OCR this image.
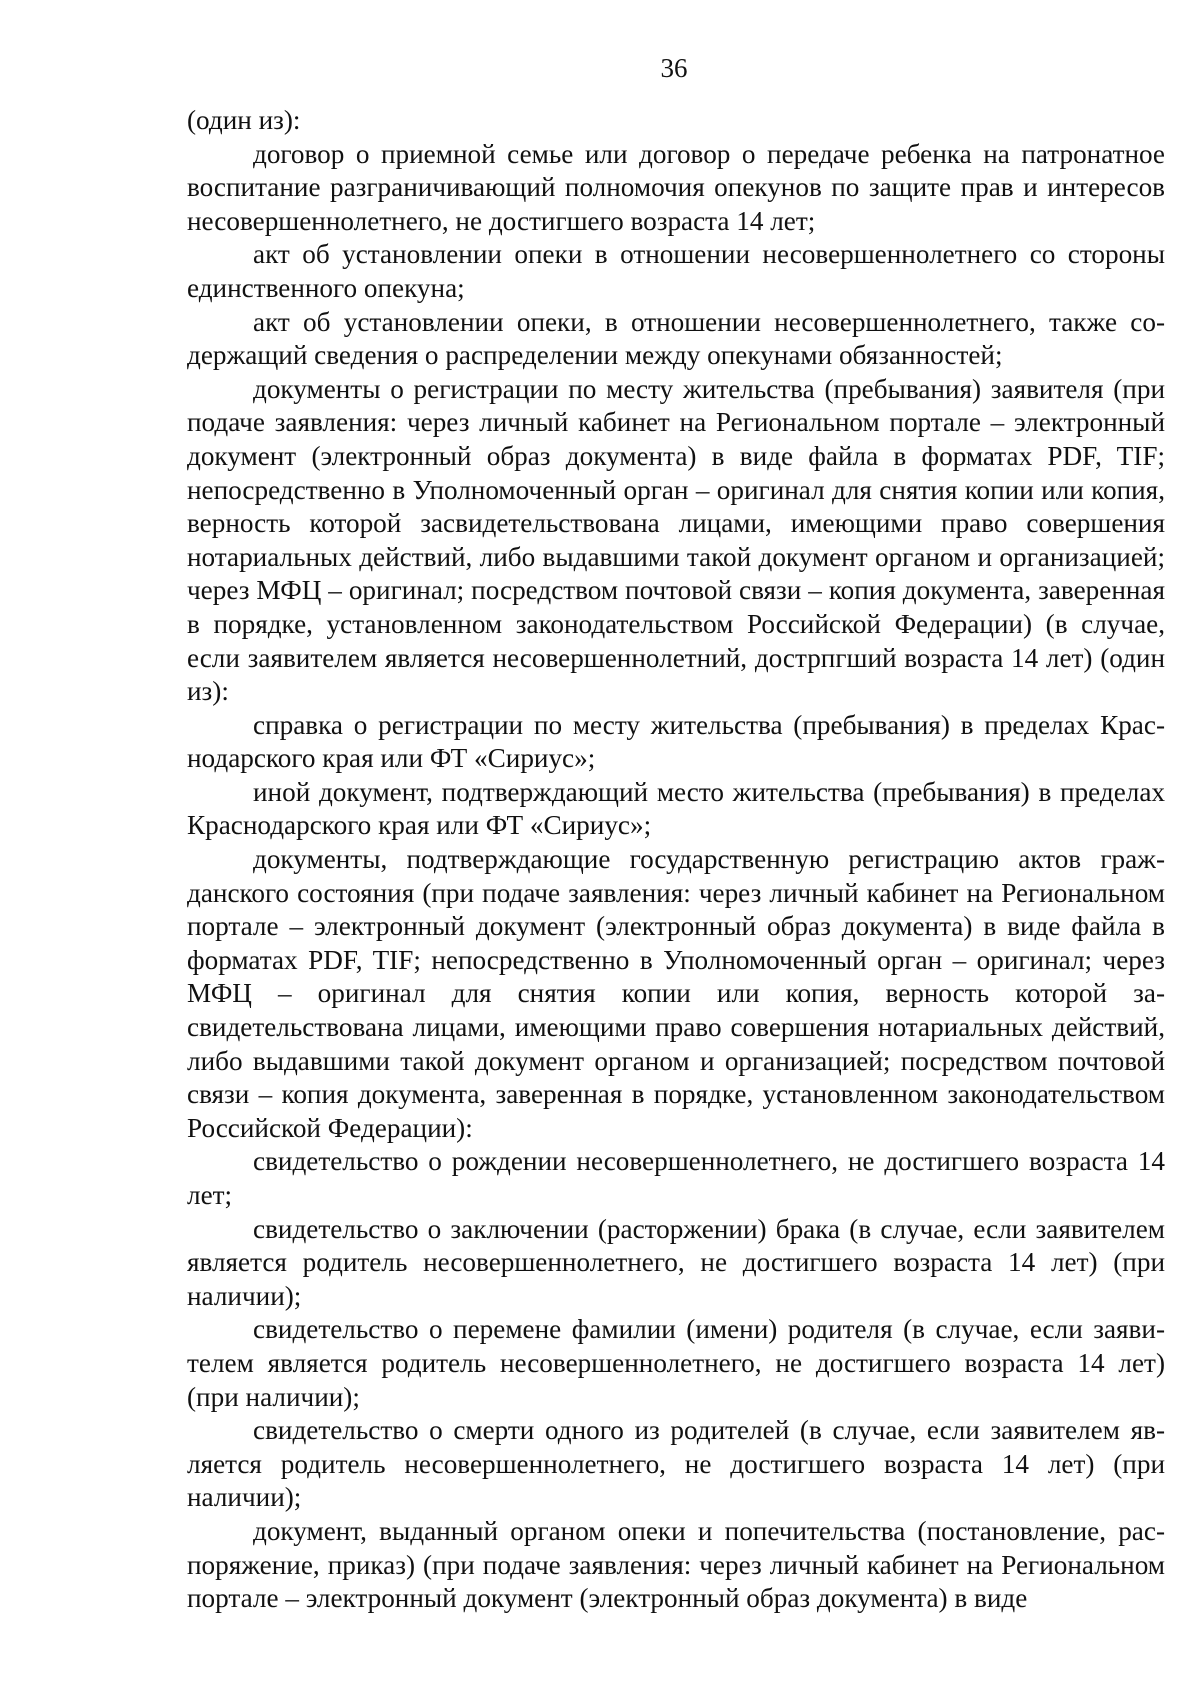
36

(один из):

договор о приемной семье или договор о передаче ребенка на патронатное воспитание разграничивающий полномочия опекунов по защите прав и интересов несовершеннолетнего, не достигшего возраста 14 лет;

акт об установлении опеки в отношении несовершеннолетнего со стороны единственного опекуна;

акт об установлении опеки, в отношении несовершеннолетнего, также содержащий сведения о распределении между опекунами обязанностей;

документы о регистрации по месту жительства (пребывания) заявителя (при подаче заявления: через личный кабинет на Региональном портале – электронный документ (электронный образ документа) в виде файла в форматах PDF, TIF; непосредственно в Уполномоченный орган – оригинал для снятия копии или копия, верность которой засвидетельствована лицами, имеющими право совершения нотариальных действий, либо выдавшими такой документ органом и организацией; через МФЦ – оригинал; посредством почтовой связи – копия документа, заверенная в порядке, установленном законодательством Российской Федерации) (в случае, если заявителем является несовершеннолетний, дострпгший возраста 14 лет) (один из):

справка о регистрации по месту жительства (пребывания) в пределах Краснодарского края или ФТ «Сириус»;

иной документ, подтверждающий место жительства (пребывания) в пределах Краснодарского края или ФТ «Сириус»;

документы, подтверждающие государственную регистрацию актов гражданского состояния (при подаче заявления: через личный кабинет на Региональном портале – электронный документ (электронный образ документа) в виде файла в форматах PDF, TIF; непосредственно в Уполномоченный орган – оригинал; через МФЦ – оригинал для снятия копии или копия, верность которой засвидетельствована лицами, имеющими право совершения нотариальных действий, либо выдавшими такой документ органом и организацией; посредством почтовой связи – копия документа, заверенная в порядке, установленном законодательством Российской Федерации):

свидетельство о рождении несовершеннолетнего, не достигшего возраста 14 лет;

свидетельство о заключении (расторжении) брака (в случае, если заявителем является родитель несовершеннолетнего, не достигшего возраста 14 лет) (при наличии);

свидетельство о перемене фамилии (имени) родителя (в случае, если заявителем является родитель несовершеннолетнего, не достигшего возраста 14 лет) (при наличии);

свидетельство о смерти одного из родителей (в случае, если заявителем является родитель несовершеннолетнего, не достигшего возраста 14 лет) (при наличии);

документ, выданный органом опеки и попечительства (постановление, распоряжение, приказ) (при подаче заявления: через личный кабинет на Региональном портале – электронный документ (электронный образ документа) в виде
